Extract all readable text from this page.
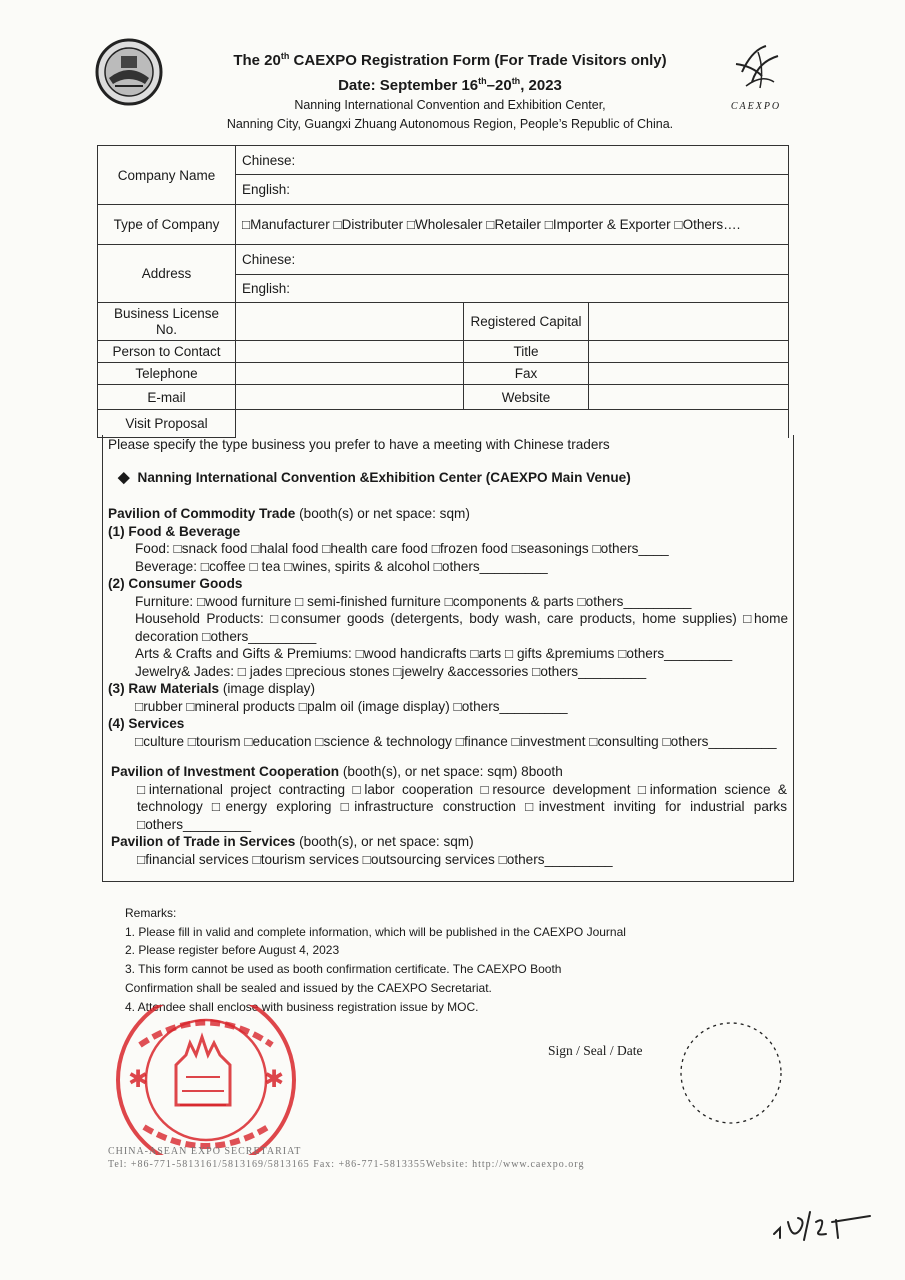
The 20th CAEXPO Registration Form (For Trade Visitors only)
Date: September 16th–20th, 2023
Nanning International Convention and Exhibition Center,
Nanning City, Guangxi Zhuang Autonomous Region, People’s Republic of China.
CAEXPO
Company Name	Chinese:		
	English:		
Type of Company	□Manufacturer □Distributer □Wholesaler □Retailer □Importer & Exporter □Others….		
Address	Chinese:		
	English:		
Business License No.		Registered Capital	
Person to Contact		Title	
Telephone		Fax	
E-mail		Website	
Visit Proposal			
Please specify the type business you prefer to have a meeting with Chinese traders
◆ Nanning International Convention &Exhibition Center (CAEXPO Main Venue)
Pavilion of Commodity Trade (booth(s) or net space: sqm)
(1) Food & Beverage
Food: □snack food □halal food □health care food □frozen food □seasonings □others____
Beverage: □coffee □ tea □wines, spirits & alcohol □others_________
(2) Consumer Goods
Furniture: □wood furniture □ semi-finished furniture □components & parts □others_________
Household Products: □consumer goods (detergents, body wash, care products, home supplies) □home decoration □others_________
Arts & Crafts and Gifts & Premiums: □wood handicrafts □arts □ gifts &premiums □others_________
Jewelry& Jades: □ jades □precious stones □jewelry &accessories □others_________
(3) Raw Materials (image display)
□rubber □mineral products □palm oil (image display) □others_________
(4) Services
□culture □tourism □education □science & technology □finance □investment □consulting □others_________
Pavilion of Investment Cooperation (booth(s), or net space: sqm) 8booth
□international project contracting □labor cooperation □resource development □information science & technology □energy exploring □infrastructure construction □investment inviting for industrial parks □others_________
Pavilion of Trade in Services (booth(s), or net space: sqm)
□financial services □tourism services □outsourcing services □others_________
Remarks:
1. Please fill in valid and complete information, which will be published in the CAEXPO Journal
2. Please register before August 4, 2023
3. This form cannot be used as booth confirmation certificate. The CAEXPO Booth
Confirmation shall be sealed and issued by the CAEXPO Secretariat.
4. Attendee shall enclose with business registration issue by MOC.
✱	✱
Sign / Seal / Date
CHINA-ASEAN EXPO SECRETARIAT
Tel: +86-771-5813161/5813169/5813165 Fax: +86-771-5813355Website: http://www.caexpo.org
